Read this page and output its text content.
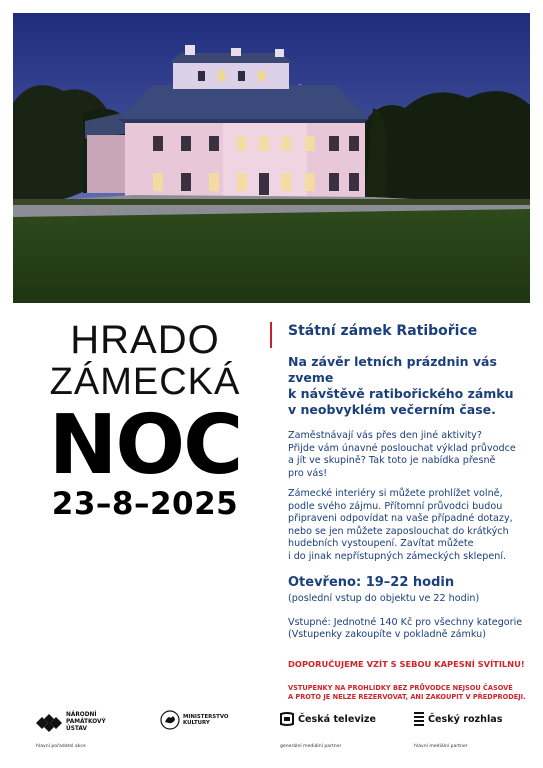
HRADO
ZÁMECKÁ
NOC
23–8–2025
Státní zámek Ratibořice
Na závěr letních prázdnin vás zveme
k návštěvě ratibořického zámku
v neobvyklém večerním čase.
Zaměstnávají vás přes den jiné aktivity?
Přijde vám únavné poslouchat výklad průvodce
a jít ve skupině? Tak toto je nabídka přesně
pro vás!
Zámecké interiéry si můžete prohlížet volně,
podle svého zájmu. Přítomní průvodci budou
připraveni odpovídat na vaše případné dotazy,
nebo se jen můžete zaposlouchat do krátkých
hudebních vystoupení. Zavítat můžete
i do jinak nepřístupných zámeckých sklepení.
Otevřeno: 19–22 hodin
(poslední vstup do objektu ve 22 hodin)
Vstupné: Jednotné 140 Kč pro všechny kategorie
(Vstupenky zakoupíte v pokladně zámku)
DOPORUČUJEME VZÍT S SEBOU KAPESNÍ SVÍTILNU!
VSTUPENKY NA PROHLÍDKY BEZ PRŮVODCE NEJSOU ČASOVÉ
A PROTO JE NELZE REZERVOVAT, ANI ZAKOUPIT V PŘEDPRODEJI.
NÁRODNÍ
PAMÁTKOVÝ
ÚSTAV
hlavní pořadatel akce
MINISTERSTVO
KULTURY	Česká televize
generální mediální partner
Český rozhlas
hlavní mediální partner
